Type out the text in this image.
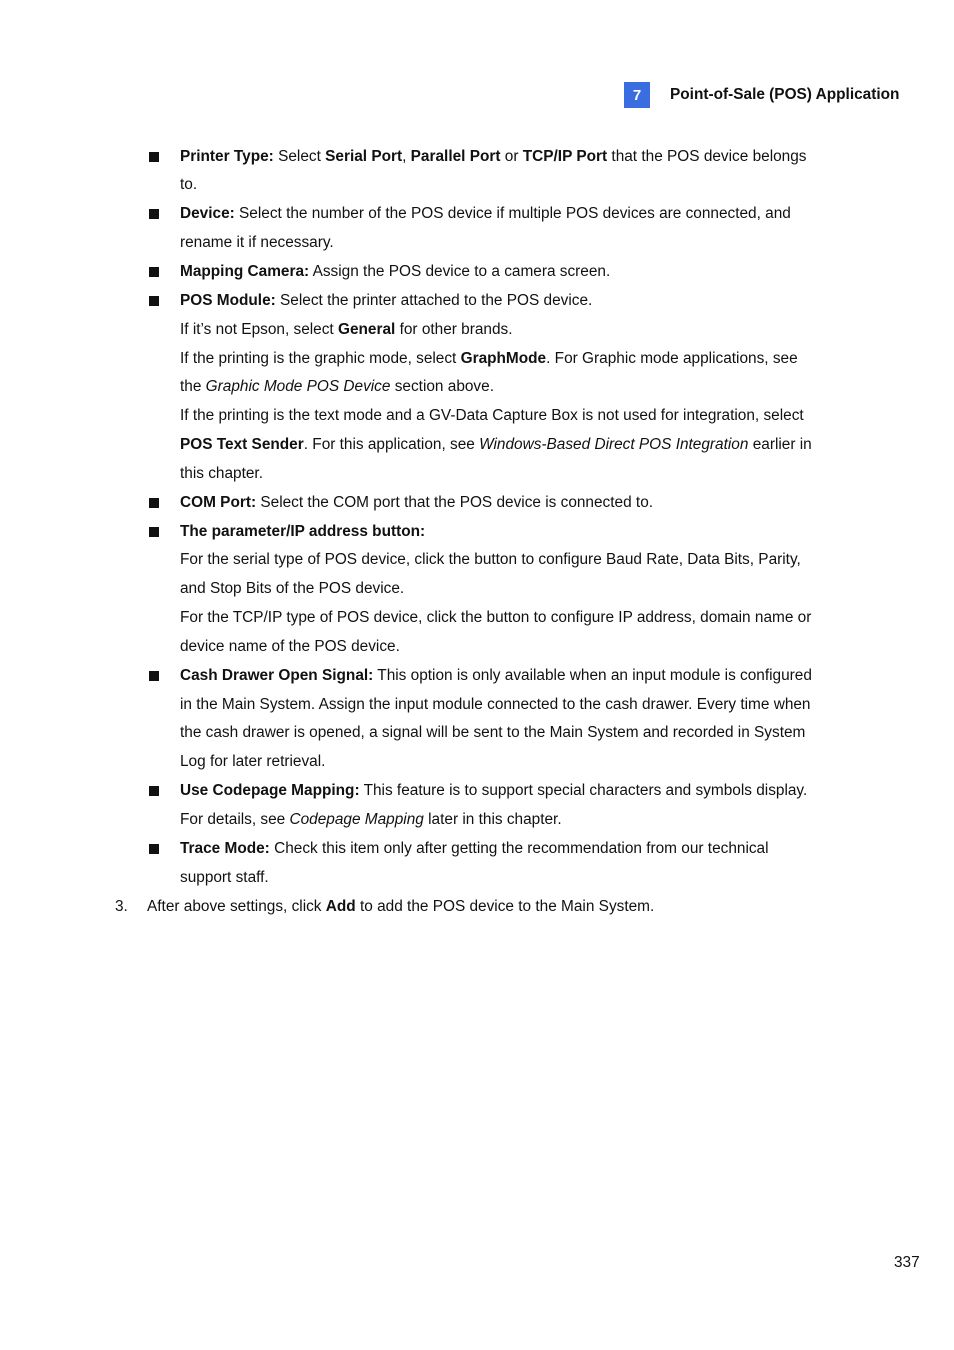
7	Point-of-Sale (POS) Application
Printer Type: Select Serial Port, Parallel Port or TCP/IP Port that the POS device belongs
to.
Device: Select the number of the POS device if multiple POS devices are connected, and
rename it if necessary.
Mapping Camera: Assign the POS device to a camera screen.
POS Module: Select the printer attached to the POS device.
If it’s not Epson, select General for other brands.
If the printing is the graphic mode, select GraphMode. For Graphic mode applications, see
the Graphic Mode POS Device section above.
If the printing is the text mode and a GV-Data Capture Box is not used for integration, select
POS Text Sender. For this application, see Windows-Based Direct POS Integration earlier in
this chapter.
COM Port: Select the COM port that the POS device is connected to.
The parameter/IP address button:
For the serial type of POS device, click the button to configure Baud Rate, Data Bits, Parity,
and Stop Bits of the POS device.
For the TCP/IP type of POS device, click the button to configure IP address, domain name or
device name of the POS device.
Cash Drawer Open Signal: This option is only available when an input module is configured
in the Main System. Assign the input module connected to the cash drawer. Every time when
the cash drawer is opened, a signal will be sent to the Main System and recorded in System
Log for later retrieval.
Use Codepage Mapping: This feature is to support special characters and symbols display.
For details, see Codepage Mapping later in this chapter.
Trace Mode: Check this item only after getting the recommendation from our technical
support staff.
3. After above settings, click Add to add the POS device to the Main System.
337
